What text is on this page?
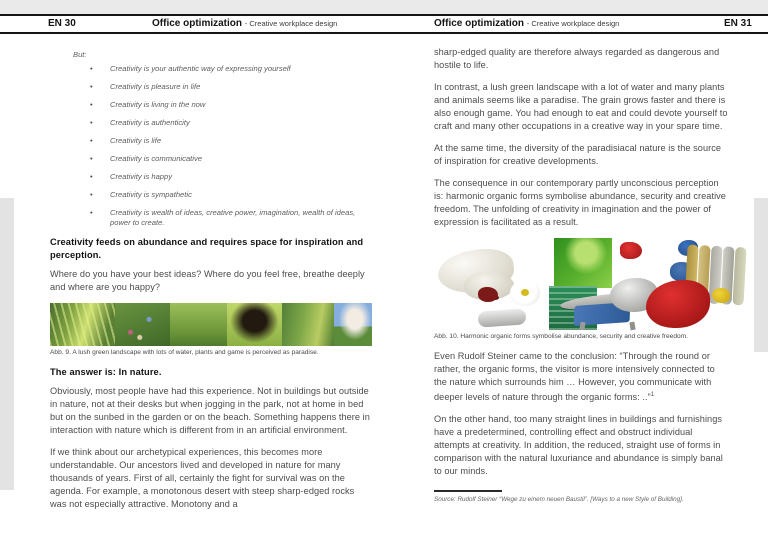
EN 30	Office optimization - Creative workplace design	Office optimization - Creative workplace design	EN 31

But:

• Creativity is your authentic way of expressing yourself
• Creativity is pleasure in life
• Creativity is living in the now
• Creativity is authenticity
• Creativity is life
• Creativity is communicative
• Creativity is happy
• Creativity is sympathetic
• Creativity is wealth of ideas, creative power, imagination, wealth of ideas, power to create.
Creativity feeds on abundance and requires space for inspiration and perception.

Where do you have your best ideas? Where do you feel free, breathe deeply and where are you happy?

Abb. 9. A lush green landscape with lots of water, plants and game is perceived as paradise.
The answer is: In nature.

Obviously, most people have had this experience. Not in buildings but outside in nature, not at their desks but when jogging in the park, not at home in bed but on the sunbed in the garden or on the beach. Something happens there in interaction with nature which is different from in an artificial environment.

If we think about our archetypical experiences, this becomes more understandable. Our ancestors lived and developed in nature for many thousands of years. First of all, certainly the fight for survival was on the agenda. For example, a monotonous desert with steep sharp-edged rocks was not especially attractive. Monotony and a

sharp-edged quality are therefore always regarded as dangerous and hostile to life.

In contrast, a lush green landscape with a lot of water and many plants and animals seems like a paradise. The grain grows faster and there is also enough game. You had enough to eat and could devote yourself to craft and many other occupations in a creative way in your spare time.

At the same time, the diversity of the paradisiacal nature is the source of inspiration for creative developments.

The consequence in our contemporary partly unconscious perception is: harmonic organic forms symbolise abundance, security and creative freedom. The unfolding of creativity in imagination and the power of expression is facilitated as a result.

Abb. 10. Harmonic organic forms symbolise abundance, security and creative freedom.

Even Rudolf Steiner came to the conclusion: “Through the round or rather, the organic forms, the visitor is more intensively connected to the nature which surrounds him … However, you communicate with deeper levels of nature through the organic forms: ..”$^1$

On the other hand, too many straight lines in buildings and furnishings have a predetermined, controlling effect and obstruct individual attempts at creativity. In addition, the reduced, straight use of forms in comparison with the natural luxuriance and abundance is simply banal to our minds.

Source: Rudolf Steiner “Wege zu einem neuen Baustil”. [Ways to a new Style of Building].
